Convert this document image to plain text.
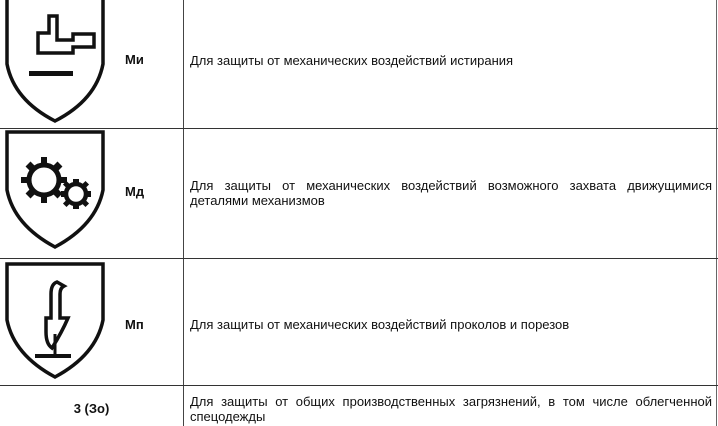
Ми	Для защиты от механических воздействий истирания
Мд	Для защиты от механических воздействий возможного захвата движущимися деталями механизмов
Мп	Для защиты от механических воздействий проколов и порезов
3 (Зо)	Для защиты от общих производственных загрязнений, в том числе облегченной спецодежды
